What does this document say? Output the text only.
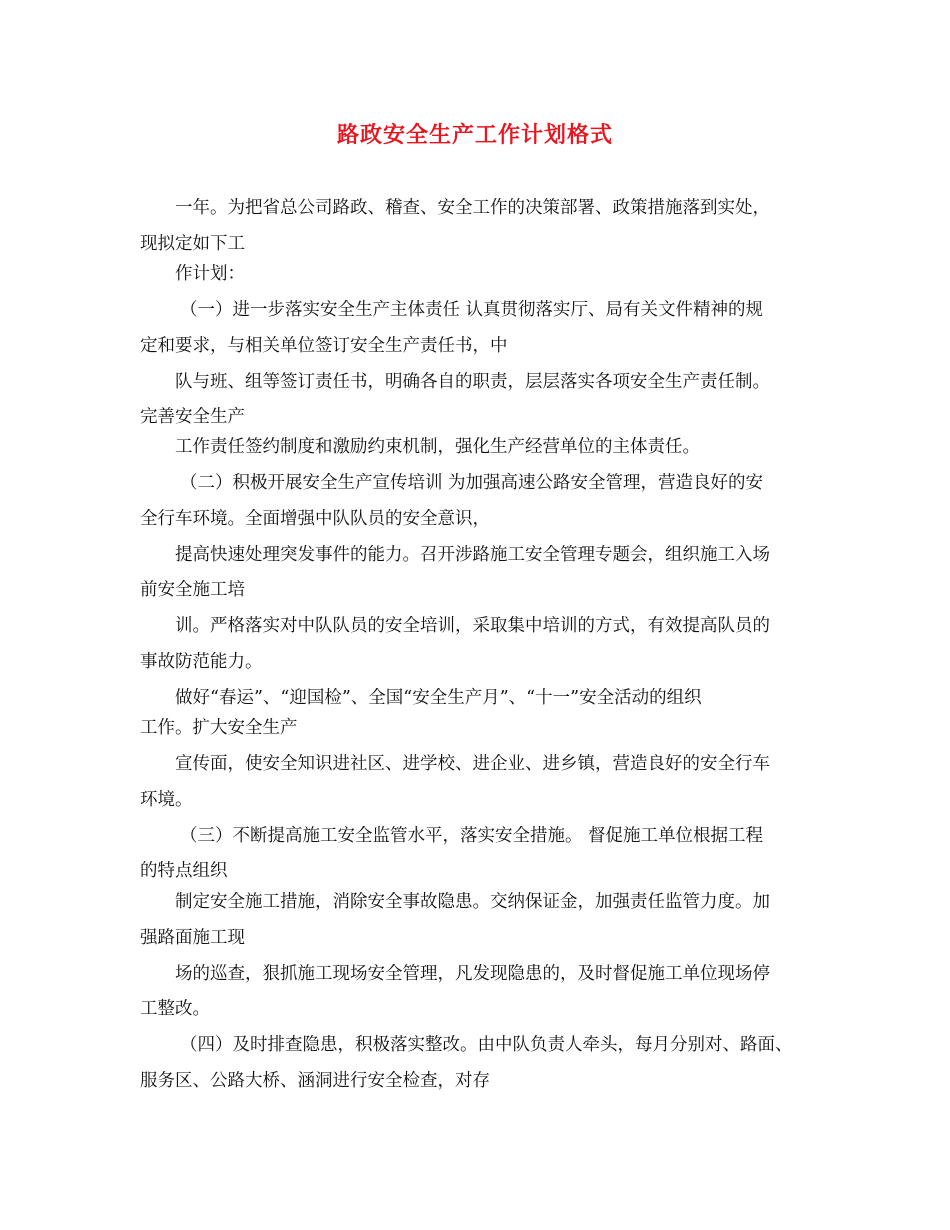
路政安全生产工作计划格式
一年。为把省总公司路政、稽查、安全工作的决策部署、政策措施落到实处，
现拟定如下工
作计划：
（一）进一步落实安全生产主体责任 认真贯彻落实厅、局有关文件精神的规
定和要求，与相关单位签订安全生产责任书，中
队与班、组等签订责任书，明确各自的职责，层层落实各项安全生产责任制。
完善安全生产
工作责任签约制度和激励约束机制，强化生产经营单位的主体责任。
（二）积极开展安全生产宣传培训 为加强高速公路安全管理，营造良好的安
全行车环境。全面增强中队队员的安全意识，
提高快速处理突发事件的能力。召开涉路施工安全管理专题会，组织施工入场
前安全施工培
训。严格落实对中队队员的安全培训，采取集中培训的方式，有效提高队员的
事故防范能力。
做好“春运”、“迎国检”、全国“安全生产月”、“十一”安全活动的组织
工作。扩大安全生产
宣传面，使安全知识进社区、进学校、进企业、进乡镇，营造良好的安全行车
环境。
（三）不断提高施工安全监管水平，落实安全措施。 督促施工单位根据工程
的特点组织
制定安全施工措施，消除安全事故隐患。交纳保证金，加强责任监管力度。加
强路面施工现
场的巡查，狠抓施工现场安全管理，凡发现隐患的，及时督促施工单位现场停
工整改。
（四）及时排查隐患，积极落实整改。由中队负责人牵头，每月分别对、路面、
服务区、公路大桥、涵洞进行安全检查，对存
